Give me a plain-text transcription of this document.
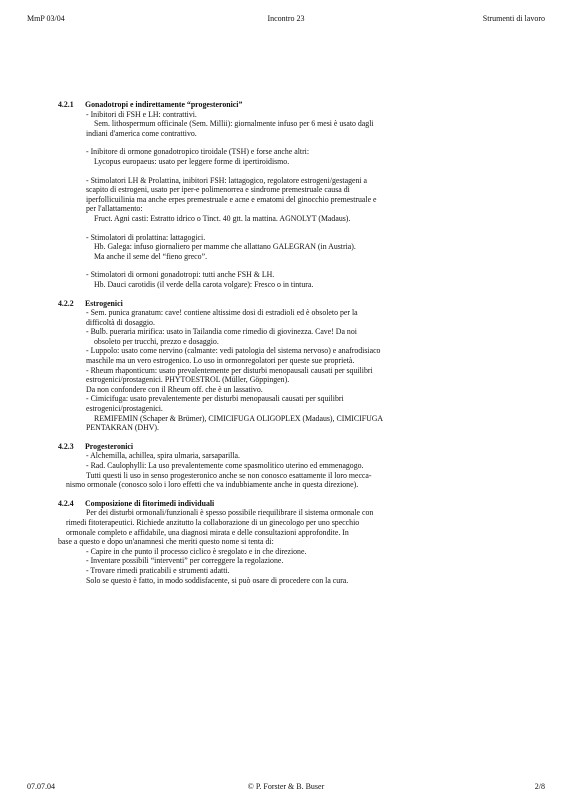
MmP 03/04	Incontro 23	Strumenti di lavoro
4.2.1 Gonadotropi e indirettamente “progesteronici”

- Inibitori di FSH e LH: contrattivi.

Sem. lithospermum officinale (Sem. Millii): giornalmente infuso per 6 mesi è usato dagli

indiani d'america come contrattivo.

- Inibitore di ormone gonadotropico tiroidale (TSH) e forse anche altri:

Lycopus europaeus: usato per leggere forme di ipertiroidismo.

- Stimolatori LH & Prolattina, inibitori FSH: lattagogico, regolatore estrogeni/gestageni a

scapito di estrogeni, usato per iper-e polimenorrea e sindrome premestruale causa di

iperfollicuilinia ma anche erpes premestruale e acne e ematomi del ginocchio premestruale e

per l'allattamento:

Fruct. Agni casti: Estratto idrico o Tinct. 40 gtt. la mattina. AGNOLYT (Madaus).

- Stimolatori di prolattina: lattagogici.

Hb. Galega: infuso giornaliero per mamme che allattano GALEGRAN (in Austria).

Ma anche il seme del “fieno greco”.

- Stimolatori di ormoni gonadotropi: tutti anche FSH & LH.

Hb. Dauci carotidis (il verde della carota volgare): Fresco o in tintura.

4.2.2 Estrogenici

- Sem. punica granatum: cave! contiene altissime dosi di estradioli ed è obsoleto per la

difficoltà di dosaggio.

- Bulb. pueraria mirifica: usato in Tailandia come rimedio di giovinezza. Cave! Da noi

obsoleto per trucchi, prezzo e dosaggio.

- Luppolo: usato come nervino (calmante: vedi patologia del sistema nervoso) e anafrodisiaco

maschile ma un vero estrogenico. Lo uso in ormonregolatori per queste sue proprietà.

- Rheum rhaponticum: usato prevalentemente per disturbi menopausali causati per squilibri

estrogenici/prostagenici. PHYTOESTROL (Müller, Göppingen).

Da non confondere con il Rheum off. che è un lassativo.

- Cimicifuga: usato prevalentemente per disturbi menopausali causati per squilibri

estrogenici/prostagenici.

REMIFEMIN (Schaper & Brümer), CIMICIFUGA OLIGOPLEX (Madaus), CIMICIFUGA

PENTAKRAN (DHV).

4.2.3 Progesteronici

- Alchemilla, achillea, spira ulmaria, sarsaparilla.

- Rad. Caulophylli: La uso prevalentemente come spasmolitico uterino ed emmenagogo.

Tutti questi li uso in senso progesteronico anche se non conosco esattamente il loro mecca-

nismo ormonale (conosco solo i loro effetti che va indubbiamente anche in questa direzione).

4.2.4 Composizione di fitorimedi individuali

Per dei disturbi ormonali/funzionali è spesso possibile riequilibrare il sistema ormonale con

rimedi fitoterapeutici. Richiede anzitutto la collaborazione di un ginecologo per uno specchio

ormonale completo e affidabile, una diagnosi mirata e delle consultazioni approfondite. In

base a questo e dopo un'anamnesi che meriti questo nome si tenta di:

- Capire in che punto il processo ciclico è sregolato e in che direzione.

- Inventare possibili “interventi” per correggere la regolazione.

- Trovare rimedi praticabili e strumenti adatti.

Solo se questo è fatto, in modo soddisfacente, si può osare di procedere con la cura.

07.07.04	© P. Forster & B. Buser	2/8
